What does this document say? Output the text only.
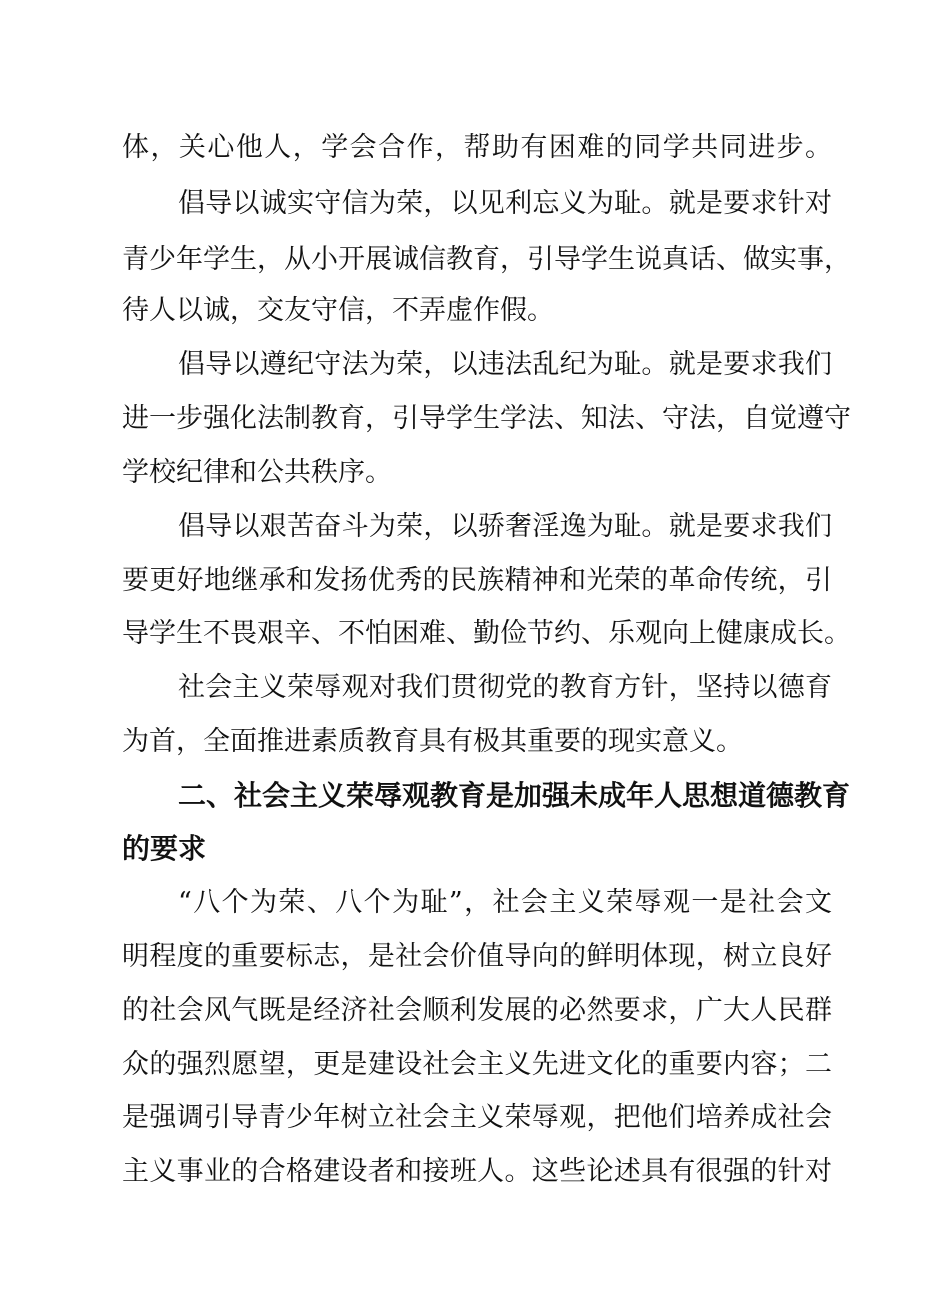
体，关心他人，学会合作，帮助有困难的同学共同进步。
倡导以诚实守信为荣，以见利忘义为耻。就是要求针对
青少年学生，从小开展诚信教育，引导学生说真话、做实事，
待人以诚，交友守信，不弄虚作假。
倡导以遵纪守法为荣，以违法乱纪为耻。就是要求我们
进一步强化法制教育，引导学生学法、知法、守法，自觉遵守
学校纪律和公共秩序。
倡导以艰苦奋斗为荣，以骄奢淫逸为耻。就是要求我们
要更好地继承和发扬优秀的民族精神和光荣的革命传统，引
导学生不畏艰辛、不怕困难、勤俭节约、乐观向上健康成长。
社会主义荣辱观对我们贯彻党的教育方针，坚持以德育
为首，全面推进素质教育具有极其重要的现实意义。
二、社会主义荣辱观教育是加强未成年人思想道德教育
的要求
“八个为荣、八个为耻”，社会主义荣辱观一是社会文
明程度的重要标志，是社会价值导向的鲜明体现，树立良好
的社会风气既是经济社会顺利发展的必然要求，广大人民群
众的强烈愿望，更是建设社会主义先进文化的重要内容；二
是强调引导青少年树立社会主义荣辱观，把他们培养成社会
主义事业的合格建设者和接班人。这些论述具有很强的针对
